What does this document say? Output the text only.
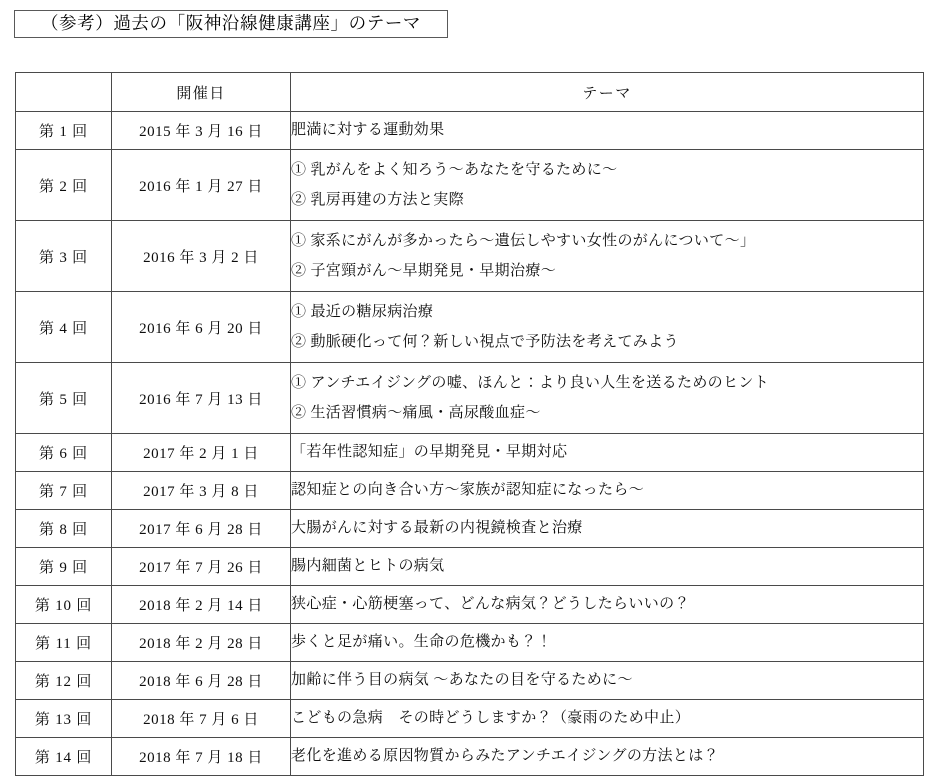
（参考）過去の「阪神沿線健康講座」のテーマ
	開催日	テーマ
第 1 回	2015 年 3 月 16 日	肥満に対する運動効果

第 2 回	2016 年 1 月 27 日	① 乳がんをよく知ろう〜あなたを守るために〜
② 乳房再建の方法と実際

第 3 回	2016 年 3 月 2 日	① 家系にがんが多かったら〜遺伝しやすい女性のがんについて〜」
② 子宮頸がん〜早期発見・早期治療〜

第 4 回	2016 年 6 月 20 日	① 最近の糖尿病治療
② 動脈硬化って何？新しい視点で予防法を考えてみよう

第 5 回	2016 年 7 月 13 日	① アンチエイジングの嘘、ほんと：より良い人生を送るためのヒント
② 生活習慣病〜痛風・高尿酸血症〜

第 6 回	2017 年 2 月 1 日	「若年性認知症」の早期発見・早期対応

第 7 回	2017 年 3 月 8 日	認知症との向き合い方〜家族が認知症になったら〜

第 8 回	2017 年 6 月 28 日	大腸がんに対する最新の内視鏡検査と治療

第 9 回	2017 年 7 月 26 日	腸内細菌とヒトの病気

第 10 回	2018 年 2 月 14 日	狭心症・心筋梗塞って、どんな病気？どうしたらいいの？

第 11 回	2018 年 2 月 28 日	歩くと足が痛い。生命の危機かも？！

第 12 回	2018 年 6 月 28 日	加齢に伴う目の病気 〜あなたの目を守るために〜

第 13 回	2018 年 7 月 6 日	こどもの急病　その時どうしますか？（豪雨のため中止）

第 14 回	2018 年 7 月 18 日	老化を進める原因物質からみたアンチエイジングの方法とは？
